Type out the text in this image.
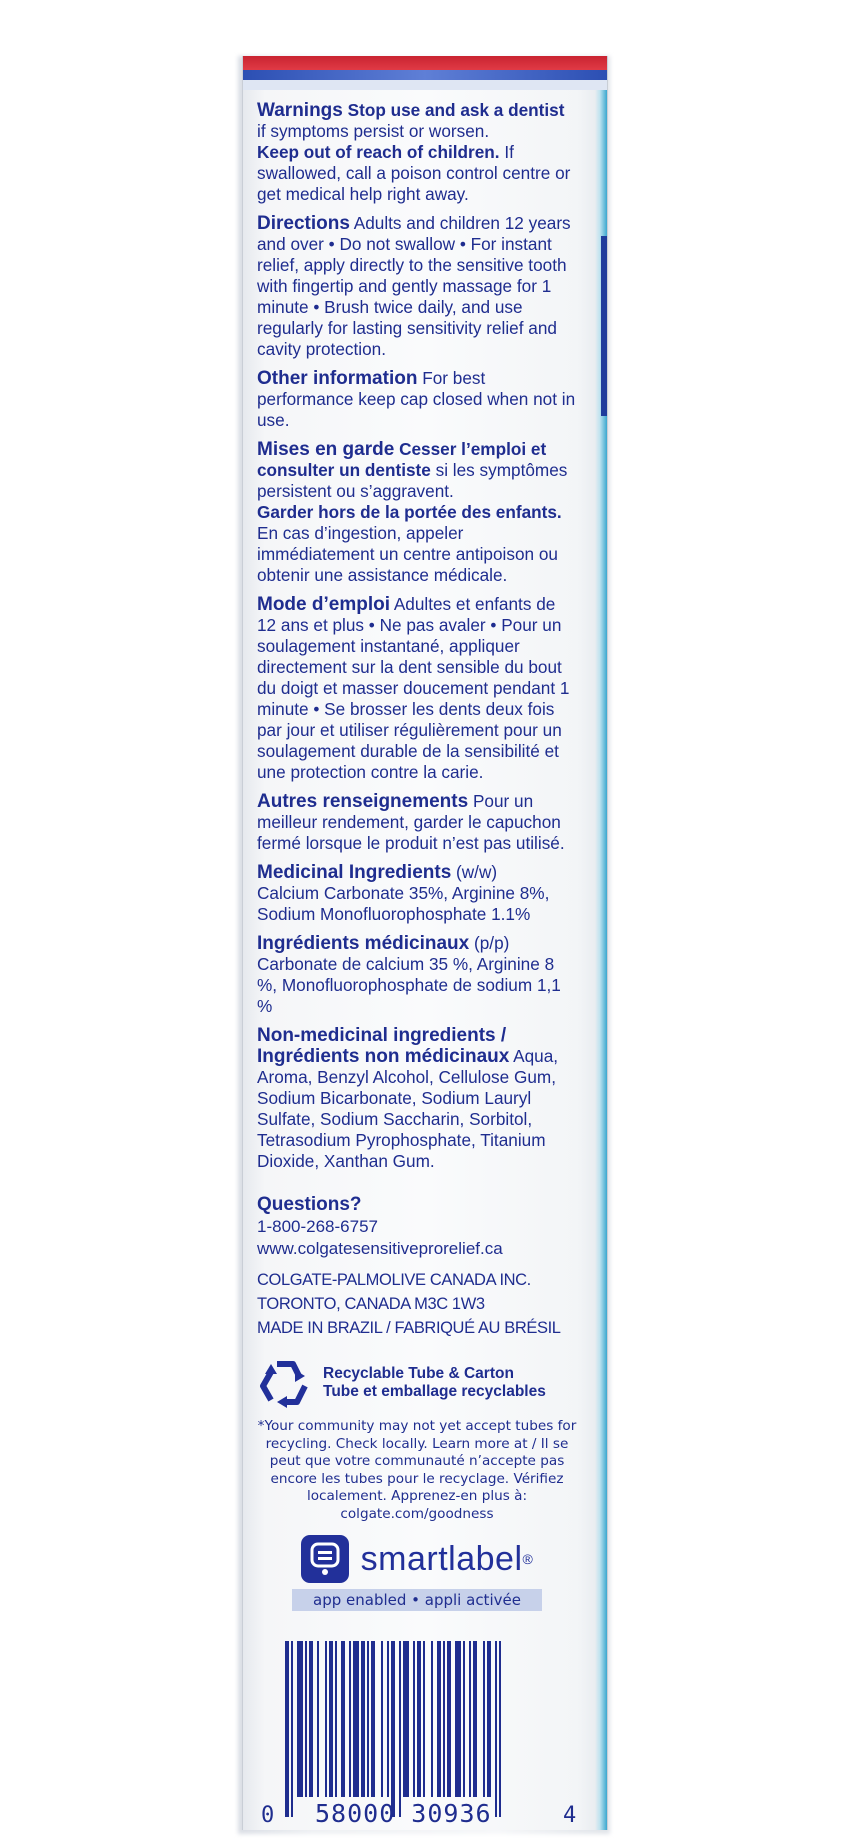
Warnings Stop use and ask a dentist if symptoms persist or worsen.
Keep out of reach of children. If swallowed, call a poison control centre or get medical help right away.

Directions Adults and children 12 years and over • Do not swallow • For instant relief, apply directly to the sensitive tooth with fingertip and gently massage for 1 minute • Brush twice daily, and use regularly for lasting sensitivity relief and cavity protection.

Other information For best performance keep cap closed when not in use.

Mises en garde Cesser l’emploi et consulter un dentiste si les symptômes persistent ou s’aggravent.
Garder hors de la portée des enfants. En cas d’ingestion, appeler immédiatement un centre antipoison ou obtenir une assistance médicale.

Mode d’emploi Adultes et enfants de 12 ans et plus • Ne pas avaler • Pour un soulagement instantané, appliquer directement sur la dent sensible du bout du doigt et masser doucement pendant 1 minute • Se brosser les dents deux fois par jour et utiliser régulièrement pour un soulagement durable de la sensibilité et une protection contre la carie.

Autres renseignements Pour un meilleur rendement, garder le capuchon fermé lorsque le produit n’est pas utilisé.

Medicinal Ingredients (w/w)
Calcium Carbonate 35%, Arginine 8%, Sodium Monofluorophosphate 1.1%

Ingrédients médicinaux (p/p)
Carbonate de calcium 35 %, Arginine 8 %, Monofluorophosphate de sodium 1,1 %

Non-medicinal ingredients / Ingrédients non médicinaux Aqua, Aroma, Benzyl Alcohol, Cellulose Gum, Sodium Bicarbonate, Sodium Lauryl Sulfate, Sodium Saccharin, Sorbitol, Tetrasodium Pyrophosphate, Titanium Dioxide, Xanthan Gum.

Questions?
1-800-268-6757
www.colgatesensitiveprorelief.ca

COLGATE-PALMOLIVE CANADA INC.
TORONTO, CANADA M3C 1W3
MADE IN BRAZIL / FABRIQUÉ AU BRÉSIL

Recyclable Tube & Carton
Tube et emballage recyclables
*Your community may not yet accept tubes for recycling. Check locally. Learn more at / Il se peut que votre communauté n’accepte pas encore les tubes pour le recyclage. Vérifiez localement. Apprenez-en plus à: colgate.com/goodness
smartlabel®
app enabled • appli activée
0 58000 30936	4
